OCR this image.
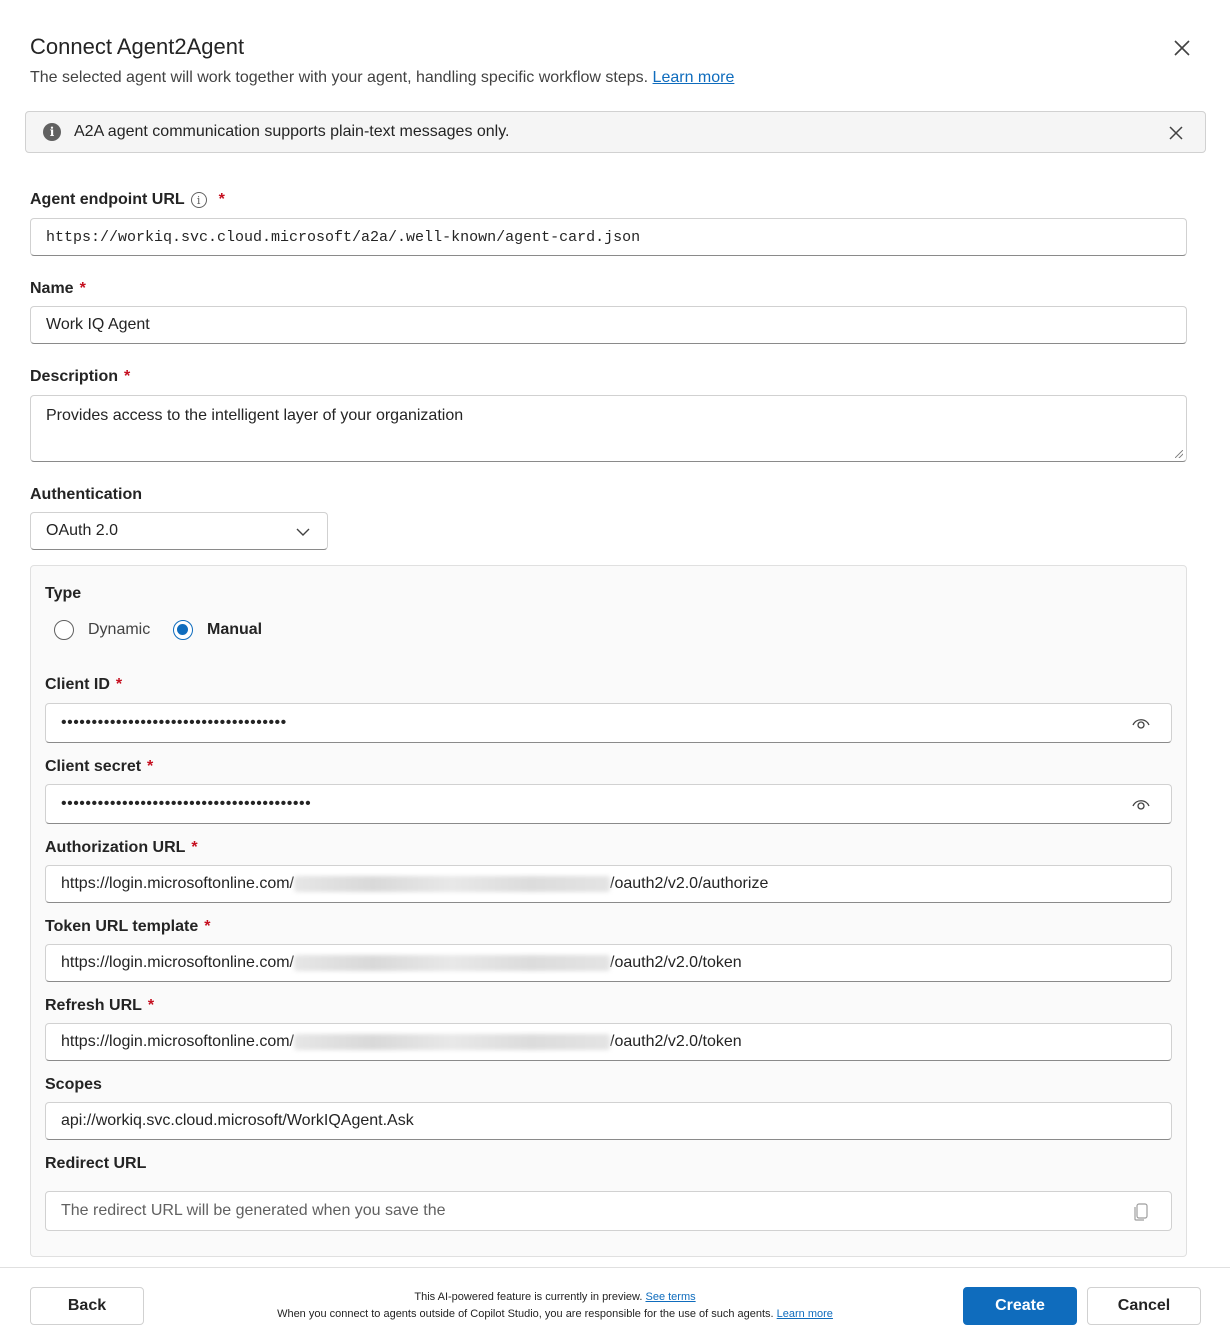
Connect Agent2Agent
The selected agent will work together with your agent, handling specific workflow steps. Learn more
i	A2A agent communication supports plain-text messages only.
Agent endpoint URL	i	*
https://workiq.svc.cloud.microsoft/a2a/.well-known/agent-card.json
Name *
Work IQ Agent
Description *
Provides access to the intelligent layer of your organization
Authentication
OAuth 2.0
Type
Dynamic	Manual
Client ID *
•••••••••••••••••••••••••••••••••••••
Client secret *
•••••••••••••••••••••••••••••••••••••••••
Authorization URL *
https://login.microsoftonline.com/	/oauth2/v2.0/authorize
Token URL template *
https://login.microsoftonline.com/	/oauth2/v2.0/token
Refresh URL *
https://login.microsoftonline.com/	/oauth2/v2.0/token
Scopes
api://workiq.svc.cloud.microsoft/WorkIQAgent.Ask
Redirect URL
The redirect URL will be generated when you save the
Back	This AI-powered feature is currently in preview. See terms
When you connect to agents outside of Copilot Studio, you are responsible for the use of such agents. Learn more	Create	Cancel
